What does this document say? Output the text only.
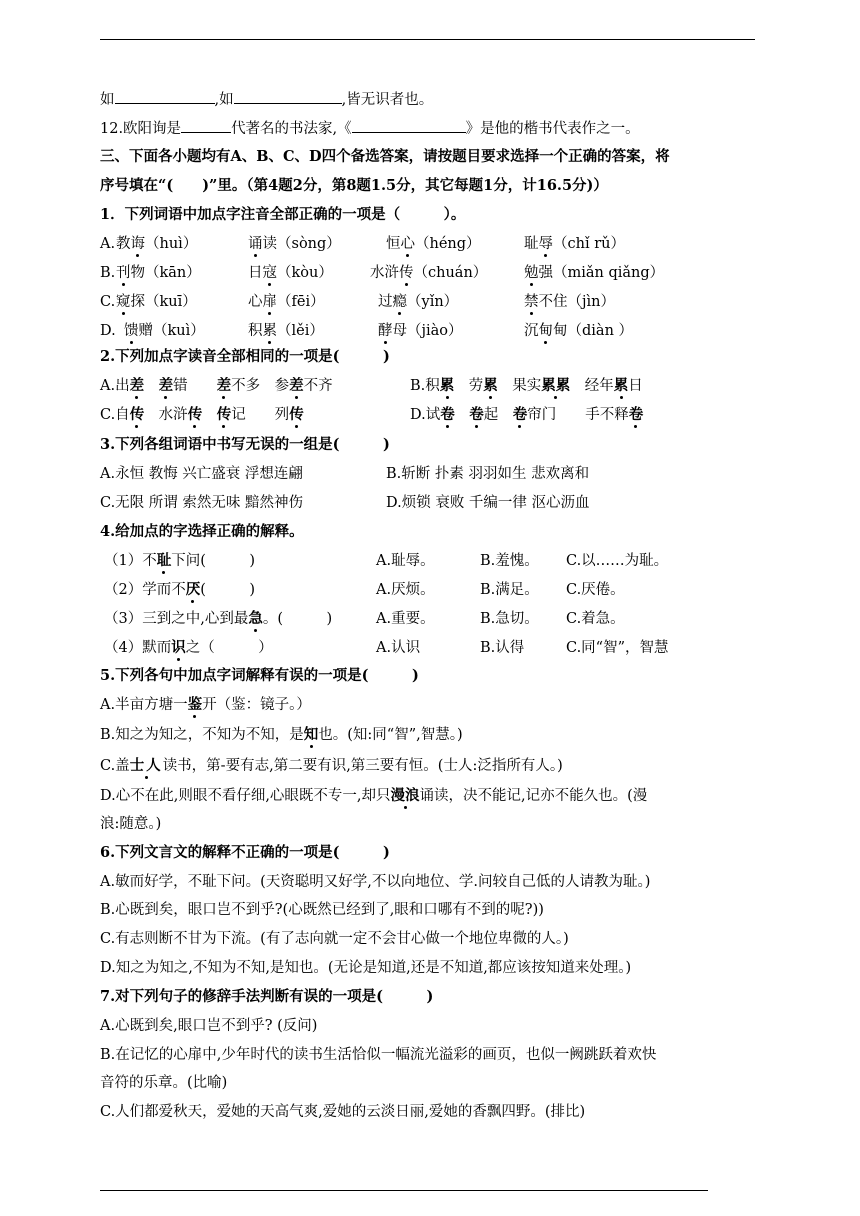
如	,如	,皆无识者也。
12.欧阳询是	代著名的书法家,《	》是他的楷书代表作之一。
三、下面各小题均有A、B、C、D四个备选答案，请按题目要求选择一个正确的答案，将
序号填在“(　　)”里。（第4题2分，第8题1.5分，其它每题1分，计16.5分)）
1．下列词语中加点字注音全部正确的一项是（　　　）。
A. 教诲（huì）	诵读（sòng）	恒心（héng）	耻辱（chǐ rǔ）
B. 刊物（kān）	日寇（kòu）	水浒传（chuán）	勉强（miǎn qiǎng）
C. 窥探（kuī）	心扉（fēi）	过瘾（yǐn）	禁不住（jìn）
D. 馈赠（kuì）	积累（lěi）	酵母（jiào）	沉甸甸（diàn ）
2.下列加点字读音全部相同的一项是(　　　)
A.出差　 差错　　差不多　参差不齐	B.积累　劳累　果实累累　经年累日
C.自传　水浒传　 传记　　列传	D.试卷　 卷起　卷帘门　　手不释卷
3.下列各组词语中书写无误的一组是(　　　)
A.永恒 教悔 兴亡盛衰 浮想连翩	B.斩断 扑素 羽羽如生 悲欢离和
C.无限 所谓 索然无味 黯然神伤	D.烦锁 衰败 千编一律 沤心沥血
4.给加点的字选择正确的解释。
（1）不耻下问(　　　)	A.耻辱。	B.羞愧。 C.以……为耻。
（2）学而不厌(　　　)	A.厌烦。	B.满足。 C.厌倦。
（3）三到之中,心到最急。(　　　)	A.重要。	B.急切。 C.着急。
（4）默而识之（　　　）	A.认识	B.认得	C.同“智”，智慧
5.下列各句中加点字词解释有误的一项是(　　　)
A.半亩方塘一鉴开（鉴：镜子。）
B.知之为知之，不知为不知，是知也。(知:同“智”,智慧。)
C.盖士人读书，第-要有志,第二要有识,第三要有恒。(士人:泛指所有人。)
D.心不在此,则眼不看仔细,心眼既不专一,却只漫浪诵读，决不能记,记亦不能久也。(漫
浪:随意。)
6.下列文言文的解释不正确的一项是(　　　)
A.敏而好学，不耻下问。(天资聪明又好学,不以向地位、学.问较自己低的人请教为耻。)
B.心既到矣，眼口岂不到乎?(心既然已经到了,眼和口哪有不到的呢?))
C.有志则断不甘为下流。(有了志向就一定不会甘心做一个地位卑微的人。)
D.知之为知之,不知为不知,是知也。(无论是知道,还是不知道,都应该按知道来处理。)
7.对下列句子的修辞手法判断有误的一项是(　　　)
A.心既到矣,眼口岂不到乎? (反问)
B.在记忆的心扉中,少年时代的读书生活恰似一幅流光溢彩的画页，也似一阙跳跃着欢快
音符的乐章。(比喻)
C.人们都爱秋天，爱她的天高气爽,爱她的云淡日丽,爱她的香飘四野。(排比)
